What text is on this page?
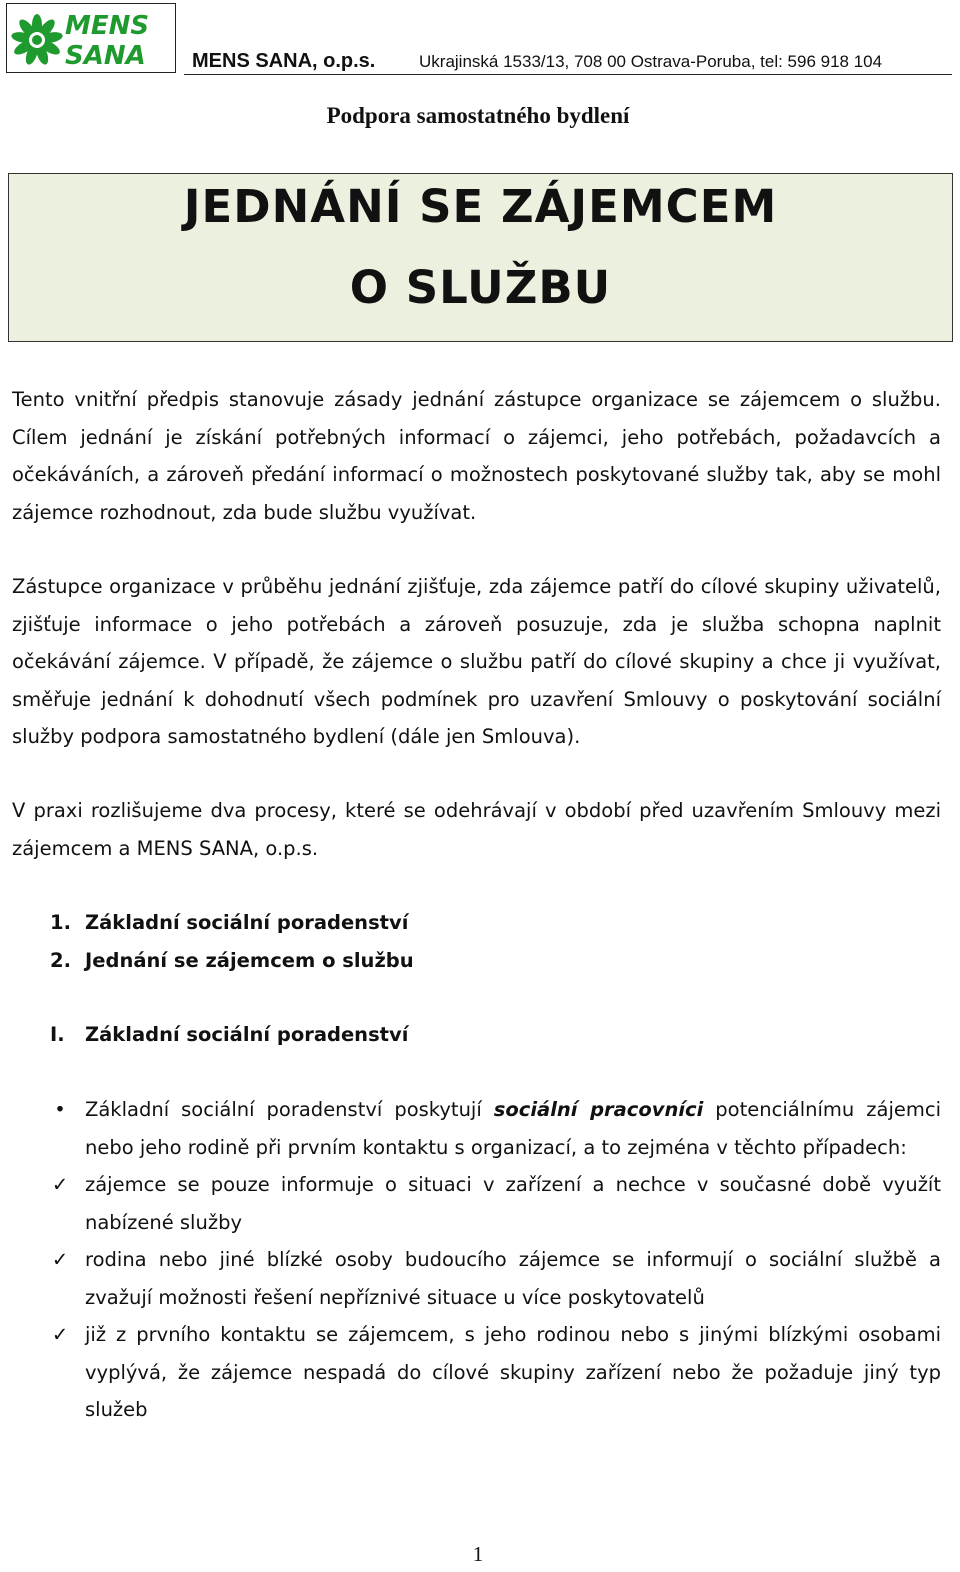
MENS
SANA MENS SANA, o.p.s.	Ukrajinská 1533/13, 708 00 Ostrava-Poruba, tel: 596 918 104
Podpora samostatného bydlení
JEDNÁNÍ SE ZÁJEMCEM
O SLUŽBU
Tento vnitřní předpis stanovuje zásady jednání zástupce organizace se zájemcem o službu. Cílem jednání je získání potřebných informací o zájemci, jeho potřebách, požadavcích a očekáváních, a zároveň předání informací o možnostech poskytované služby tak, aby se mohl zájemce rozhodnout, zda bude službu využívat.
Zástupce organizace v průběhu jednání zjišťuje, zda zájemce patří do cílové skupiny uživatelů, zjišťuje informace o jeho potřebách a zároveň posuzuje, zda je služba schopna naplnit očekávání zájemce. V případě, že zájemce o službu patří do cílové skupiny a chce ji využívat, směřuje jednání k dohodnutí všech podmínek pro uzavření Smlouvy o poskytování sociální služby podpora samostatného bydlení (dále jen Smlouva).
V praxi rozlišujeme dva procesy, které se odehrávají v období před uzavřením Smlouvy mezi zájemcem a MENS SANA, o.p.s.
1. Základní sociální poradenství
2. Jednání se zájemcem o službu
I. Základní sociální poradenství
• Základní sociální poradenství poskytují sociální pracovníci potenciálnímu zájemci nebo jeho rodině při prvním kontaktu s organizací, a to zejména v těchto případech:
✓ zájemce se pouze informuje o situaci v zařízení a nechce v současné době využít nabízené služby
✓ rodina nebo jiné blízké osoby budoucího zájemce se informují o sociální službě a zvažují možnosti řešení nepříznivé situace u více poskytovatelů
✓ již z prvního kontaktu se zájemcem, s jeho rodinou nebo s jinými blízkými osobami vyplývá, že zájemce nespadá do cílové skupiny zařízení nebo že požaduje jiný typ služeb
1
